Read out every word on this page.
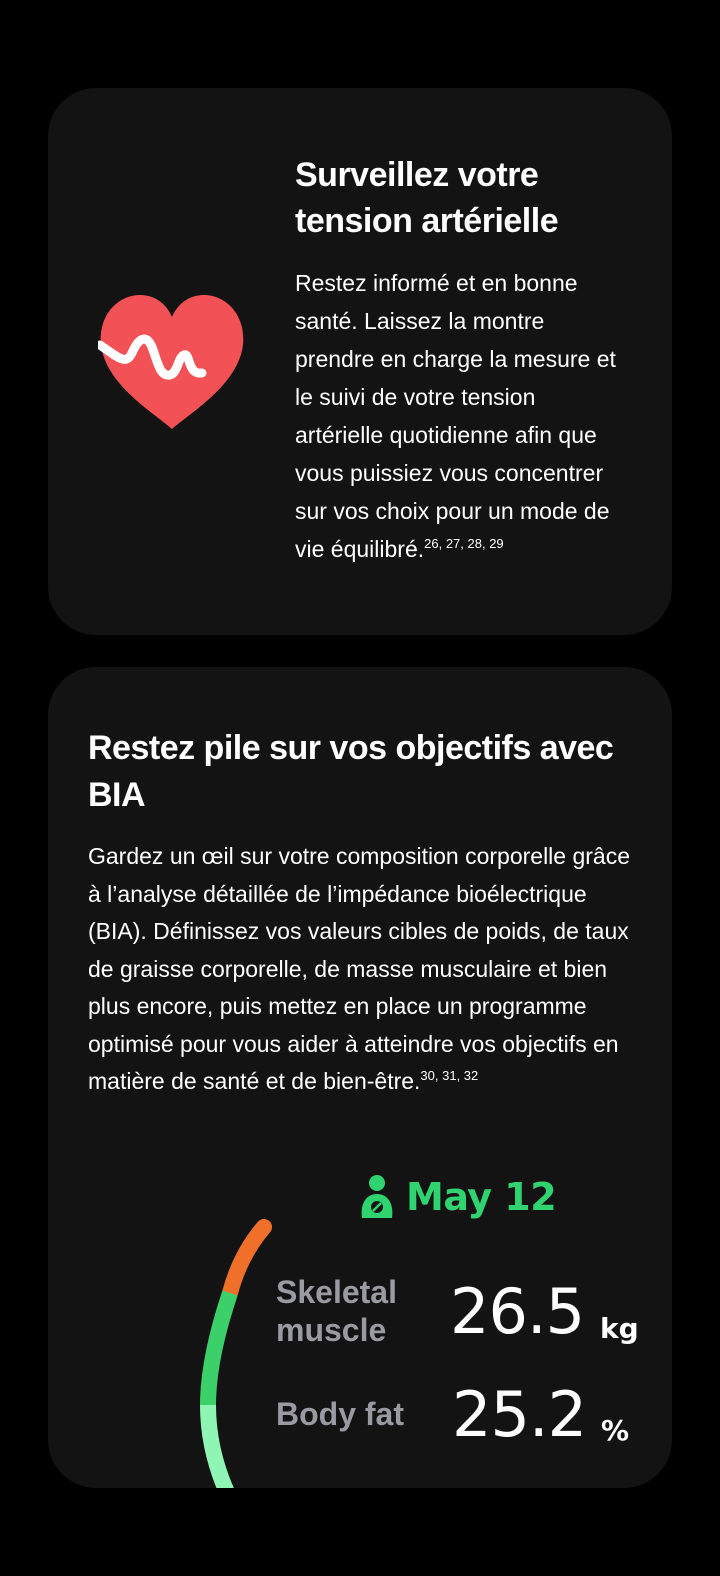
Surveillez votre tension artérielle

Restez informé et en bonne santé. Laissez la montre prendre en charge la mesure et le suivi de votre tension artérielle quotidienne afin que vous puissiez vous concentrer sur vos choix pour un mode de vie équilibré.$^{26, 27, 28, 29}$

Restez pile sur vos objectifs avec BIA

Gardez un œil sur votre composition corporelle grâce à l’analyse détaillée de l’impédance bioélectrique (BIA). Définissez vos valeurs cibles de poids, de taux de graisse corporelle, de masse musculaire et bien plus encore, puis mettez en place un programme optimisé pour vous aider à atteindre vos objectifs en matière de santé et de bien-être.$^{30, 31, 32}$

May 12
Skeletal muscle	26.5 kg
Body fat 25.2 %
